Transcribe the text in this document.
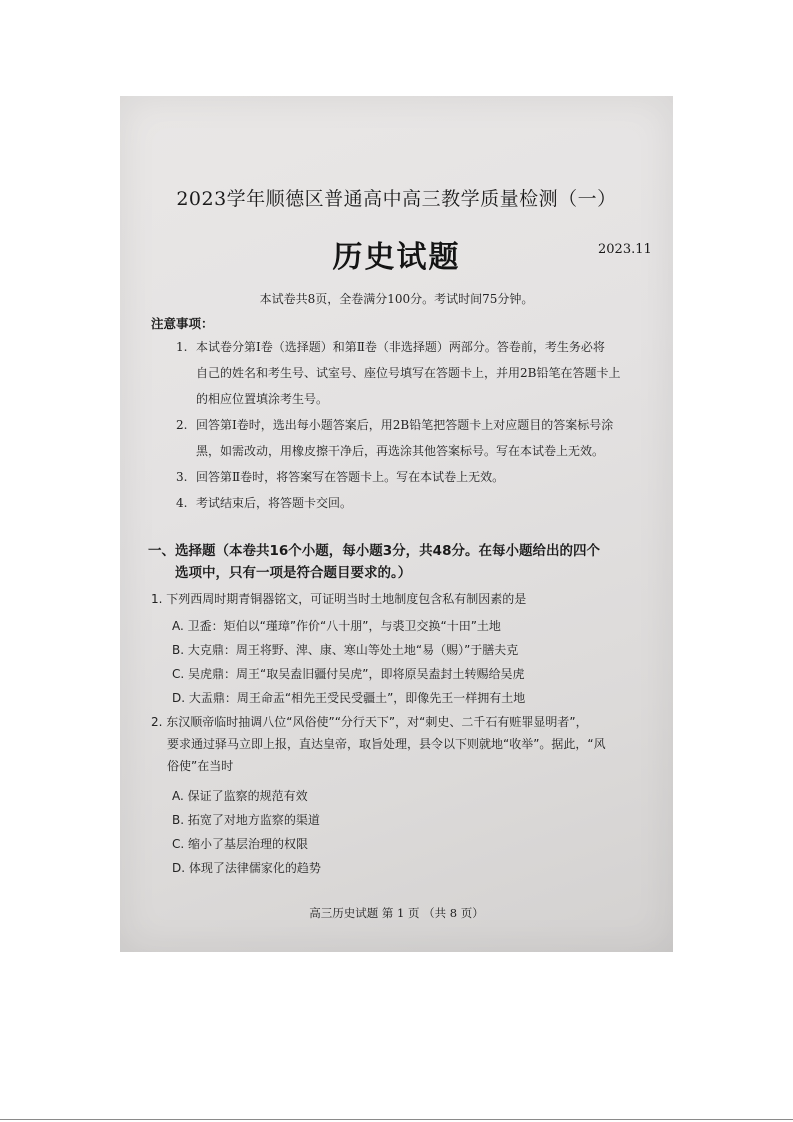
2023学年顺德区普通高中高三教学质量检测（一）
历史试题	2023.11
本试卷共8页，全卷满分100分。考试时间75分钟。
注意事项：
1. 本试卷分第Ⅰ卷（选择题）和第Ⅱ卷（非选择题）两部分。答卷前，考生务必将
自己的姓名和考生号、试室号、座位号填写在答题卡上，并用2B铅笔在答题卡上
的相应位置填涂考生号。
2. 回答第Ⅰ卷时，选出每小题答案后，用2B铅笔把答题卡上对应题目的答案标号涂
黑，如需改动，用橡皮擦干净后，再选涂其他答案标号。写在本试卷上无效。
3. 回答第Ⅱ卷时，将答案写在答题卡上。写在本试卷上无效。
4. 考试结束后，将答题卡交回。
一、选择题（本卷共16个小题，每小题3分，共48分。在每小题给出的四个
选项中，只有一项是符合题目要求的。）
1. 下列西周时期青铜器铭文，可证明当时土地制度包含私有制因素的是
A. 卫盉：矩伯以“瑾璋”作价“八十朋”，与裘卫交换“十田”土地
B. 大克鼎：周王将野、渒、康、寒山等处土地“易（赐）”于膳夫克
C. 吴虎鼎：周王“取吴盍旧疆付吴虎”，即将原吴盍封土转赐给吴虎
D. 大盂鼎：周王命盂“相先王受民受疆土”，即像先王一样拥有土地
2. 东汉顺帝临时抽调八位“风俗使”“分行天下”，对“刺史、二千石有赃罪显明者”，
要求通过驿马立即上报，直达皇帝，取旨处理，县令以下则就地“收举”。据此，“风
俗使”在当时
A. 保证了监察的规范有效
B. 拓宽了对地方监察的渠道
C. 缩小了基层治理的权限
D. 体现了法律儒家化的趋势
高三历史试题 第 1 页 （共 8 页）
